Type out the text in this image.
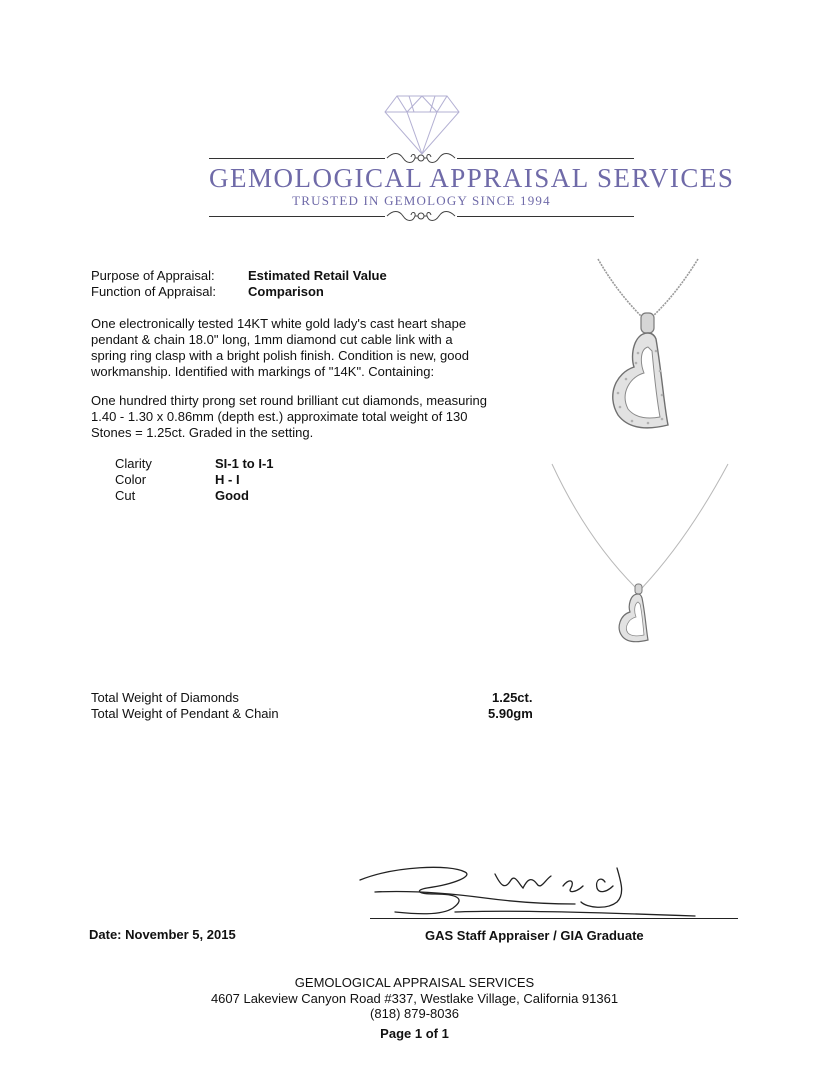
GEMOLOGICAL APPRAISAL SERVICES
TRUSTED IN GEMOLOGY SINCE 1994
Purpose of Appraisal:	Estimated Retail Value
Function of Appraisal: Comparison
One electronically tested 14KT white gold lady's cast heart shape
pendant & chain 18.0" long, 1mm diamond cut cable link with a
spring ring clasp with a bright polish finish. Condition is new, good
workmanship. Identified with markings of "14K". Containing:
One hundred thirty prong set round brilliant cut diamonds, measuring
1.40 - 1.30 x 0.86mm (depth est.) approximate total weight of 130
Stones = 1.25ct. Graded in the setting.
Clarity	SI-1 to I-1
Color	H - I
Cut	Good
Total Weight of Diamonds	1.25ct.
Total Weight of Pendant & Chain	5.90gm
Date: November 5, 2015	GAS Staff Appraiser / GIA Graduate
GEMOLOGICAL APPRAISAL SERVICES
4607 Lakeview Canyon Road #337, Westlake Village, California 91361
(818) 879-8036
Page 1 of 1
